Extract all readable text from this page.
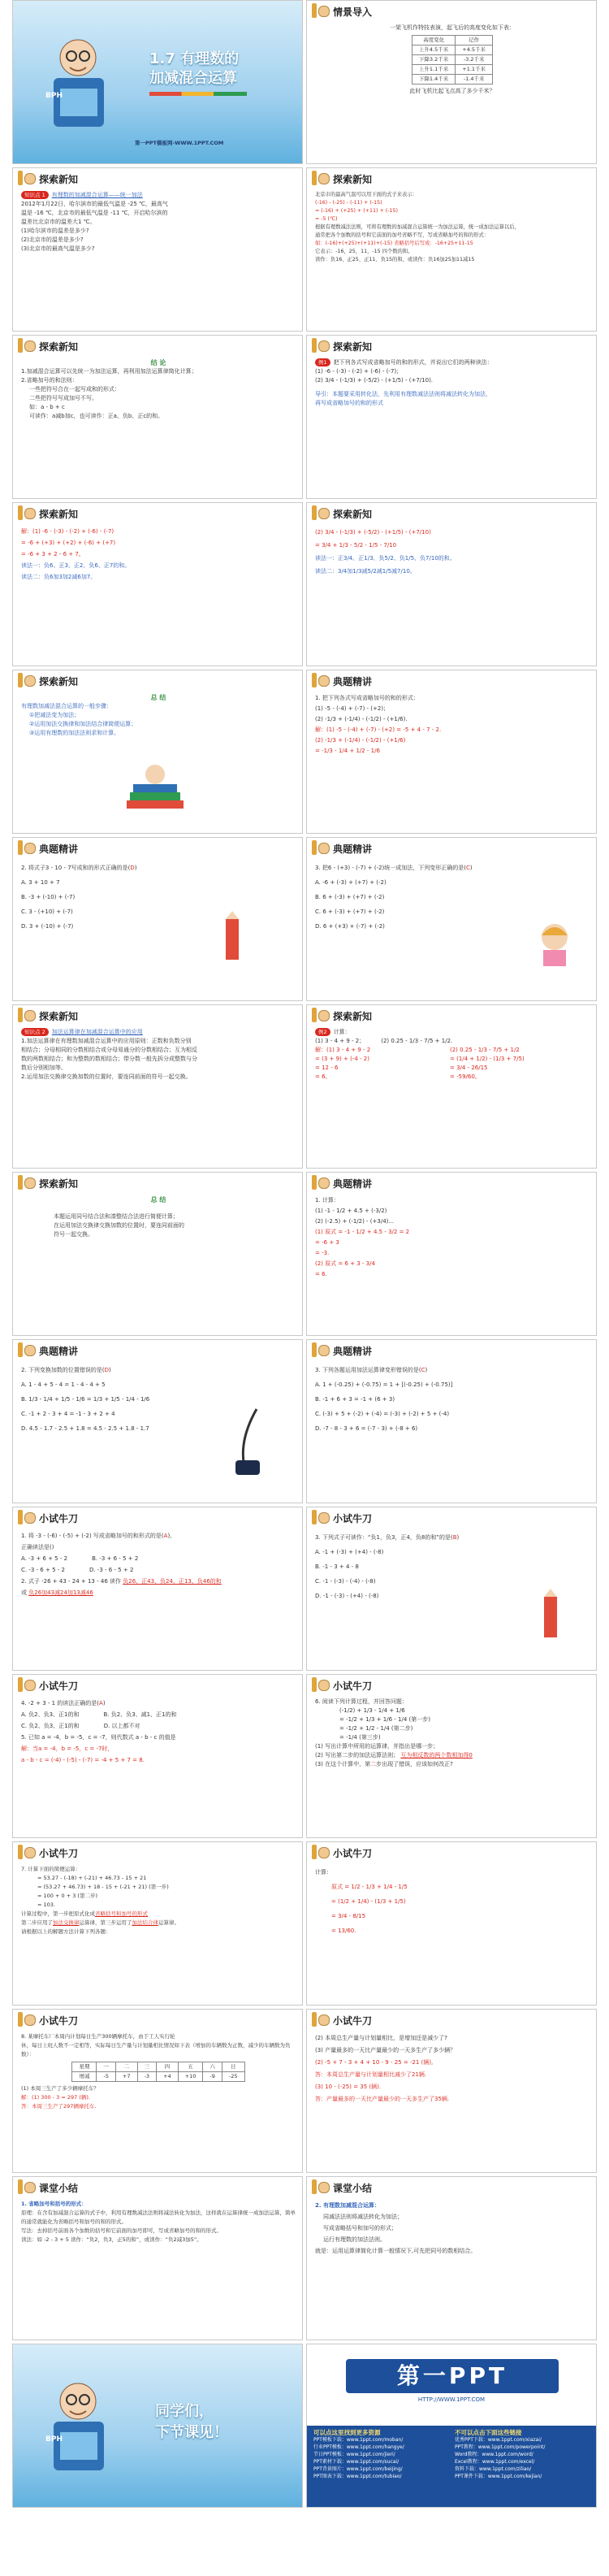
BPH
1.7 有理数的
加减混合运算
第一PPT模板网-WWW.1PPT.COM
情景导入
一架飞机作特技表演，起飞后的高度变化如下表：
高度变化	记作
上升4.5千米	+4.5千米
下降3.2千米	-3.2千米
上升1.1千米	+1.1千米
下降1.4千米	-1.4千米
此时飞机比起飞点高了多少千米？
探索新知
知识点 1 有理数的加减混合运算——统一加法
2012年1月22日，哈尔滨市的最低气温是 -25 ℃，最高气
温是 -16 ℃，北京市的最低气温是 -11 ℃，开启哈尔滨的
温差比北京市的温差大1 ℃。
(1)哈尔滨市的温差是多少?
(2)北京市的温差是多少?
(3)北京市的最高气温是多少?
探索新知
北京市的最高气温可以用下面的式子来表示：
(-16) - (-25) - (-11) + (-15)
= (-16) + (+25) + (+11) + (-15)
= -5 (℃)
根据有理数减法法则，可将有理数的加减混合运算统一为加法运算，统一成加法运算以后，
通常把各个加数的括号和它前面的加号省略不写，写成省略加号的和的形式：
如：(-16)+(+25)+(+11)+(-15) 省略括号后写成：-16+25+11-15
它表示：-16，25，11，-15 四个数的和。
读作：负16、正25、正11、负15的和，或读作：负16加25加11减15
探索新知
结 论
1.加减混合运算可以先统一为加法运算，再利用加法运算律简化计算；
2.省略加号的和法则：
一些把符号合在一起写成和的形式：
二些把符号写成加号不写。
如：a - b + c
可读作：a减b加c，也可读作：正a、负b、正c的和。
探索新知
例1 把下列各式写成省略加号的和的形式，并说出它们的两种读法：
(1) -6 - (-3) - (-2) + (-6) - (-7);
(2) 3/4 - (-1/3) + (-5/2) - (+1/5) - (+7/10).
导引：本题要采用转化法，先利用有理数减法法则将减法转化为加法，
再写成省略加号的和的形式
探索新知
解：(1) -6 - (-3) - (-2) + (-6) - (-7)
= -6 + (+3) + (+2) + (-6) + (+7)
= -6 + 3 + 2 - 6 + 7。
读法一：负6、正3、正2、负6、正7的和。
读法二：负6加3加2减6加7。
探索新知
(2) 3/4 - (-1/3) + (-5/2) - (+1/5) - (+7/10)
= 3/4 + 1/3 - 5/2 - 1/5 - 7/10
读法一：正3/4、正1/3、负5/2、负1/5、负7/10的和。
读法二：3/4加1/3减5/2减1/5减7/10。
探索新知
总 结
有理数加减法混合运算的一般步骤：
①把减法变为加法；
②运用加法交换律和加法结合律简便运算；
③运用有理数的加法法则求和计算。
典题精讲
1. 把下列各式写成省略加号的和的形式：
(1) -5 - (-4) + (-7) - (+2)；
(2) -1/3 + (-1/4) - (-1/2) - (+1/6).
解：(1) -5 - (-4) + (-7) - (+2) = -5 + 4 - 7 - 2.
(2) -1/3 + (-1/4) - (-1/2) - (+1/6)
= -1/3 - 1/4 + 1/2 - 1/6
典题精讲
2. 将式子3 - 10 - 7写成和的形式正确的是(D)
A. 3 + 10 + 7
B. -3 + (-10) + (-7)
C. 3 - (+10) + (-7)
D. 3 + (-10) + (-7)
典题精讲
3. 把6 - (+3) - (-7) + (-2)统一成加法，下列变形正确的是(C)
A. -6 + (-3) + (+7) + (-2)
B. 6 + (-3) + (+7) + (-2)
C. 6 + (-3) + (+7) + (-2)
D. 6 + (+3) + (-7) + (-2)
探索新知
知识点 2 加法运算律在加减混合运算中的应用
1.加法运算律在有理数加减混合运算中的应用原则：正数和负数分别
相结合；分母相同的分数相结合或分母易通分的分数相结合；互为相反
数的两数相结合；和为整数的数相结合；带分数一般先拆分成整数与分
数后分别相加等。
2.运用加法交换律交换加数的位置时，要连同前面的符号一起交换。
探索新知
例2 计算：
(1) 3 - 4 + 9 - 2；	(2) 0.25 - 1/3 - 7/5 + 1/2.
解：(1) 3 - 4 + 9 - 2
= (3 + 9) + (-4 - 2)
= 12 - 6
= 6。
(2) 0.25 - 1/3 - 7/5 + 1/2
= (1/4 + 1/2) - (1/3 + 7/5)
= 3/4 - 26/15
= -59/60。
探索新知
总 结
本题运用同号结合法和凑整结合法进行简便计算；
在运用加法交换律交换加数的位置时，要连同前面的
符号一起交换。
典题精讲
1. 计算：
(1) -1 - 1/2 + 4.5 + (-3/2)
(2) (-2.5) + (-1/2) - (+3/4)...
(1) 原式 = -1 - 1/2 + 4.5 - 3/2 = 2
= -6 + 3
= -3.
(2) 原式 = 6 + 3 - 3/4
= 6.
典题精讲
2. 下列变换加数的位置错误的是(D)
A. 1 - 4 + 5 - 4 = 1 - 4 - 4 + 5
B. 1/3 - 1/4 + 1/5 - 1/6 = 1/3 + 1/5 - 1/4 - 1/6
C. -1 + 2 - 3 + 4 = -1 - 3 + 2 + 4
D. 4.5 - 1.7 - 2.5 + 1.8 = 4.5 - 2.5 + 1.8 - 1.7
典题精讲
3. 下列各题运用加法运算律变形错误的是(C)
A. 1 + (-0.25) + (-0.75) = 1 + [(-0.25) + (-0.75)]
B. -1 + 6 + 3 = -1 + (6 + 3)
C. (-3) + 5 + (-2) + (-4) = (-3) + (-2) + 5 + (-4)
D. -7 - 8 - 3 + 6 = (-7 - 3) + (-8 + 6)
小试牛刀
1. 将 -3 - (-6) - (-5) + (-2) 写成省略加号的和形式的是(A),
正确读法是()
A. -3 + 6 + 5 - 2	B. -3 + 6 - 5 + 2
C. -3 - 6 + 5 - 2	D. -3 - 6 - 5 + 2
2. 式子 -26 + 43 - 24 + 13 - 46 读作 负26、正43、负24、正13、负46的和
或 负26加43减24加13减46
小试牛刀
3. 下列式子可读作：“负1，负3，正4，负8的和”的是(B)
A. -1 + (-3) + (+4) - (-8)
B. -1 - 3 + 4 - 8
C. -1 - (-3) - (-4) - (-8)
D. -1 - (-3) - (+4) - (-8)
小试牛刀
4. -2 + 3 - 1 的读法正确的是(A)
A. 负2、负3、正1的和	B. 负2、负3、减1、正1的和
C. 负2、负3、正1的和	D. 以上都不对
5. 已知 a = -4，b = -5，c = -7，则代数式 a - b - c 的值是
解：当a = -4，b = -5，c = -7时，
a - b - c = (-4) - (-5) - (-7) = -4 + 5 + 7 = 8.
小试牛刀
6. 阅读下列计算过程，并回答问题：
(-1/2) + 1/3 - 1/4 + 1/6
= -1/2 + 1/3 + 1/6 - 1/4 (第一步)
= -1/2 + 1/2 - 1/4 (第二步)
= -1/4 (第三步)
(1) 写出计算中所用的运算律，并指出是哪一步；
(2) 写出第二步的加法运算法则； 互为相反数的两个数相加得0
(3) 在这个计算中，第二步出现了错误，应该如何改正?
小试牛刀
7. 计算下面的简便运算：
= 53.27 - (-18) + (-21) + 46.73 - 15 + 21
= (53.27 + 46.73) + 18 - 15 + (-21 + 21) (第一步)
= 100 + 0 + 3 (第二步)
= 103.
计算过程中，第一步把原式化成省略括号和加号的形式
第二步应用了加法交换律运算律，第三步运用了加法结合律运算律。
请根据以上的解题方法计算下列各题：
小试牛刀
计算：
原式 = 1/2 - 1/3 + 1/4 - 1/5
= (1/2 + 1/4) - (1/3 + 1/5)
= 3/4 - 8/15
= 13/60.
小试牛刀
8. 某摩托车厂本周内计划每日生产300辆摩托车，由于工人实行轮
休，每日上班人数不一定相等，实际每日生产量与计划量相比情况如下表（增加的车辆数为正数，减少的车辆数为负数）：
星期	一	二	三	四	五	六	日
增减	-5	+7	-3	+4	+10	-9	-25
(1) 本周三生产了多少辆摩托车？
解：(1) 300 - 3 = 297 (辆).
答：本周三生产了297辆摩托车.
小试牛刀
(2) 本周总生产量与计划量相比，是增加还是减少了?
(3) 产量最多的一天比产量最少的一天多生产了多少辆？
(2) -5 + 7 - 3 + 4 + 10 - 9 - 25 = -21 (辆),
答：本周总生产量与计划量相比减少了21辆.
(3) 10 - (-25) = 35 (辆).
答：产量最多的一天比产量最少的一天多生产了35辆.
课堂小结
1. 省略加号和括号的形式：
原理：在含有加减混合运算的式子中，利用有理数减法法则将减法转化为加法，这样就在运算律统一成加法运算，简单的通常就能化为省略括号和加号的和的形式。
写法：去掉括号前面各个加数的括号和它前面的加号即可，写成省略加号的和的形式。
读法：如 -2 - 3 + 5 读作：“负2，负3，正5的和”，或读作：“负2减3加5”。
课堂小结
2. 有理数加减混合运算：
同减法法则将减法转化为加法；
写成省略括号和加号的形式；
运行有理数的加法法则。
就是：运用运算律简化计算一般情况下,可先把同号的数相结合。
BPH
同学们，
下节课见！
第一PPT
HTTP://WWW.1PPT.COM
可以点这里找到更多资源
PPT模板下载：www.1ppt.com/moban/
行业PPT模板：www.1ppt.com/hangye/
节日PPT模板：www.1ppt.com/jieri/
PPT素材下载：www.1ppt.com/sucai/
PPT背景图片：www.1ppt.com/beijing/
PPT图表下载：www.1ppt.com/tubiao/
不可以点击下面这些链接
优秀PPT下载：www.1ppt.com/xiazai/
PPT教程：www.1ppt.com/powerpoint/
Word教程：www.1ppt.com/word/
Excel教程：www.1ppt.com/excel/
资料下载：www.1ppt.com/ziliao/
PPT课件下载：www.1ppt.com/kejian/
